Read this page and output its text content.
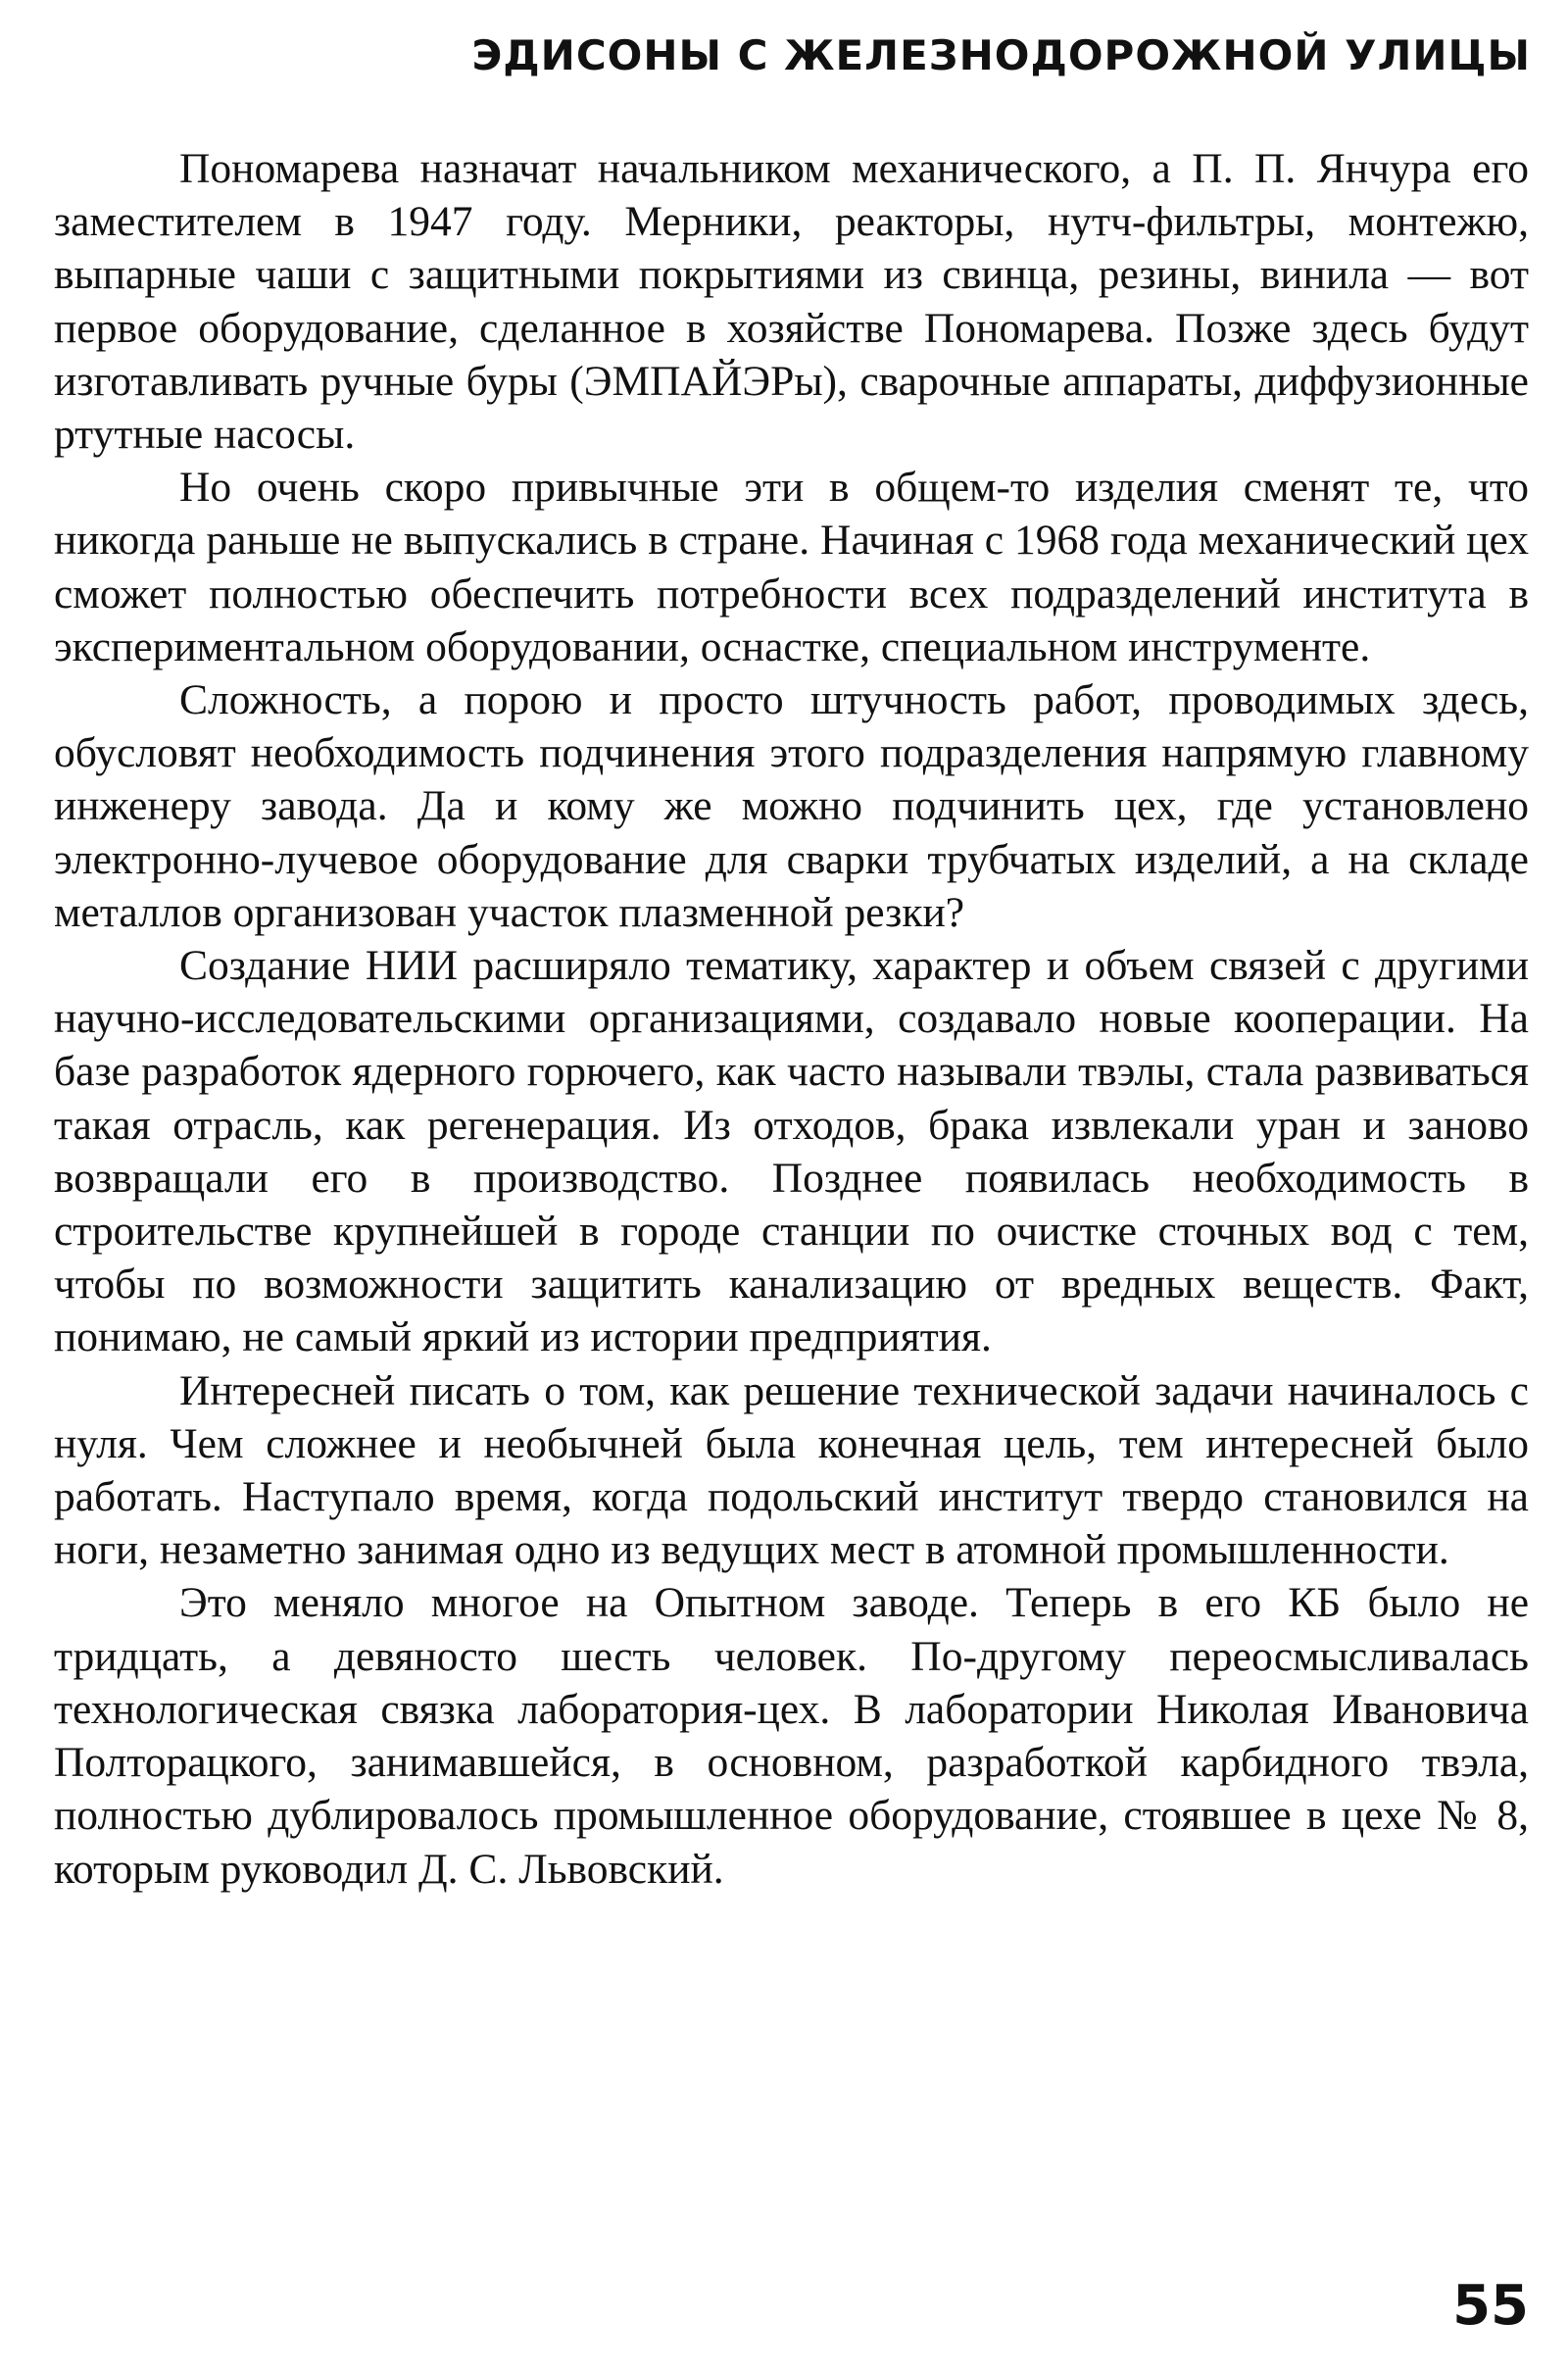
ЭДИСОНЫ С ЖЕЛЕЗНОДОРОЖНОЙ УЛИЦЫ

Пономарева назначат начальником механического, а П. П. Янчура его заместителем в 1947 году. Мерники, реакторы, нутч-фильтры, монтежю, выпарные чаши с защитными покрытиями из свинца, резины, винила — вот первое оборудование, сделанное в хозяйстве Пономарева. Позже здесь будут изготавливать ручные буры (ЭМПАЙЭРы), сварочные аппараты, диффузионные ртутные насосы.

Но очень скоро привычные эти в общем-то изделия сменят те, что никогда раньше не выпускались в стране. Начиная с 1968 года механический цех сможет полностью обеспечить потребности всех подразделений института в экспериментальном оборудовании, оснастке, специальном инструменте.

Сложность, а порою и просто штучность работ, проводимых здесь, обусловят необходимость подчинения этого подразделения напрямую главному инженеру завода. Да и кому же можно подчинить цех, где установлено электронно-лучевое оборудование для сварки трубчатых изделий, а на складе металлов организован участок плазменной резки?

Создание НИИ расширяло тематику, характер и объем связей с другими научно-исследовательскими организациями, создавало новые кооперации. На базе разработок ядерного горючего, как часто называли твэлы, стала развиваться такая отрасль, как регенерация. Из отходов, брака извлекали уран и заново возвращали его в производство. Позднее появилась необходимость в строительстве крупнейшей в городе станции по очистке сточных вод с тем, чтобы по возможности защитить канализацию от вредных веществ. Факт, понимаю, не самый яркий из истории предприятия.

Интересней писать о том, как решение технической задачи начиналось с нуля. Чем сложнее и необычней была конечная цель, тем интересней было работать. Наступало время, когда подольский институт твердо становился на ноги, незаметно занимая одно из ведущих мест в атомной промышленности.

Это меняло многое на Опытном заводе. Теперь в его КБ было не тридцать, а девяносто шесть человек. По-другому переосмысливалась технологическая связка лаборатория-цех. В лаборатории Николая Ивановича Полторацкого, занимавшейся, в основном, разработкой карбидного твэла, полностью дублировалось промышленное оборудование, стоявшее в цехе № 8, которым руководил Д. С. Львовский.

55
